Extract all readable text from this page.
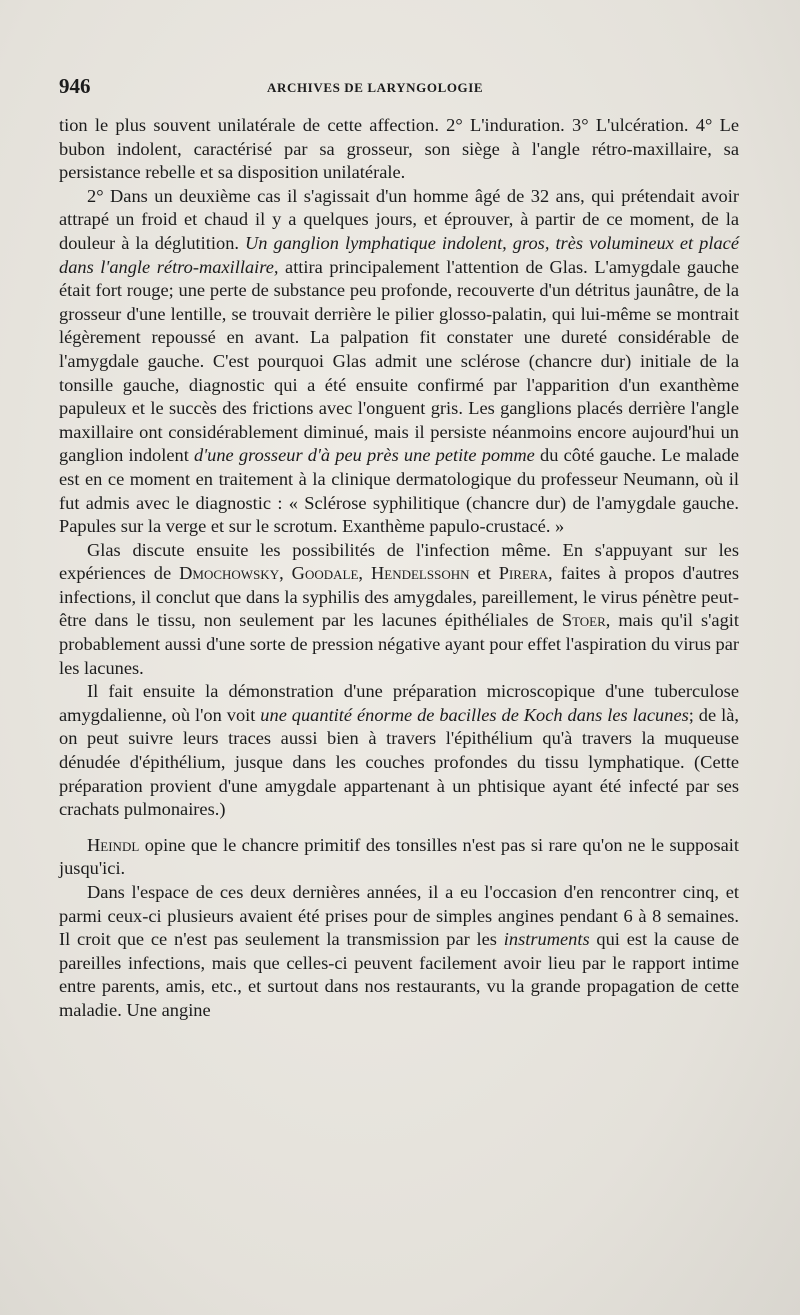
946	ARCHIVES DE LARYNGOLOGIE

tion le plus souvent unilatérale de cette affection. 2° L'induration. 3° L'ulcération. 4° Le bubon indolent, caractérisé par sa grosseur, son siège à l'angle rétro-maxillaire, sa persistance rebelle et sa disposition unilatérale.

2° Dans un deuxième cas il s'agissait d'un homme âgé de 32 ans, qui prétendait avoir attrapé un froid et chaud il y a quelques jours, et éprouver, à partir de ce moment, de la douleur à la déglutition. Un ganglion lymphatique indolent, gros, très volumineux et placé dans l'angle rétro-maxillaire, attira principalement l'attention de Glas. L'amygdale gauche était fort rouge; une perte de substance peu profonde, recouverte d'un détritus jaunâtre, de la grosseur d'une lentille, se trouvait derrière le pilier glosso-palatin, qui lui-même se montrait légèrement repoussé en avant. La palpation fit constater une dureté considérable de l'amygdale gauche. C'est pourquoi Glas admit une sclérose (chancre dur) initiale de la tonsille gauche, diagnostic qui a été ensuite confirmé par l'apparition d'un exanthème papuleux et le succès des frictions avec l'onguent gris. Les ganglions placés derrière l'angle maxillaire ont considérablement diminué, mais il persiste néanmoins encore aujourd'hui un ganglion indolent d'une grosseur d'à peu près une petite pomme du côté gauche. Le malade est en ce moment en traitement à la clinique dermatologique du professeur Neumann, où il fut admis avec le diagnostic : « Sclérose syphilitique (chancre dur) de l'amygdale gauche. Papules sur la verge et sur le scrotum. Exanthème papulo-crustacé. »

Glas discute ensuite les possibilités de l'infection même. En s'appuyant sur les expériences de Dmochowsky, Goodale, Hendelssohn et Pirera, faites à propos d'autres infections, il conclut que dans la syphilis des amygdales, pareillement, le virus pénètre peut-être dans le tissu, non seulement par les lacunes épithéliales de Stoer, mais qu'il s'agit probablement aussi d'une sorte de pression négative ayant pour effet l'aspiration du virus par les lacunes.

Il fait ensuite la démonstration d'une préparation microscopique d'une tuberculose amygdalienne, où l'on voit une quantité énorme de bacilles de Koch dans les lacunes; de là, on peut suivre leurs traces aussi bien à travers l'épithélium qu'à travers la muqueuse dénudée d'épithélium, jusque dans les couches profondes du tissu lymphatique. (Cette préparation provient d'une amygdale appartenant à un phtisique ayant été infecté par ses crachats pulmonaires.)

Heindl opine que le chancre primitif des tonsilles n'est pas si rare qu'on ne le supposait jusqu'ici.

Dans l'espace de ces deux dernières années, il a eu l'occasion d'en rencontrer cinq, et parmi ceux-ci plusieurs avaient été prises pour de simples angines pendant 6 à 8 semaines. Il croit que ce n'est pas seulement la transmission par les instruments qui est la cause de pareilles infections, mais que celles-ci peuvent facilement avoir lieu par le rapport intime entre parents, amis, etc., et surtout dans nos restaurants, vu la grande propagation de cette maladie. Une angine
